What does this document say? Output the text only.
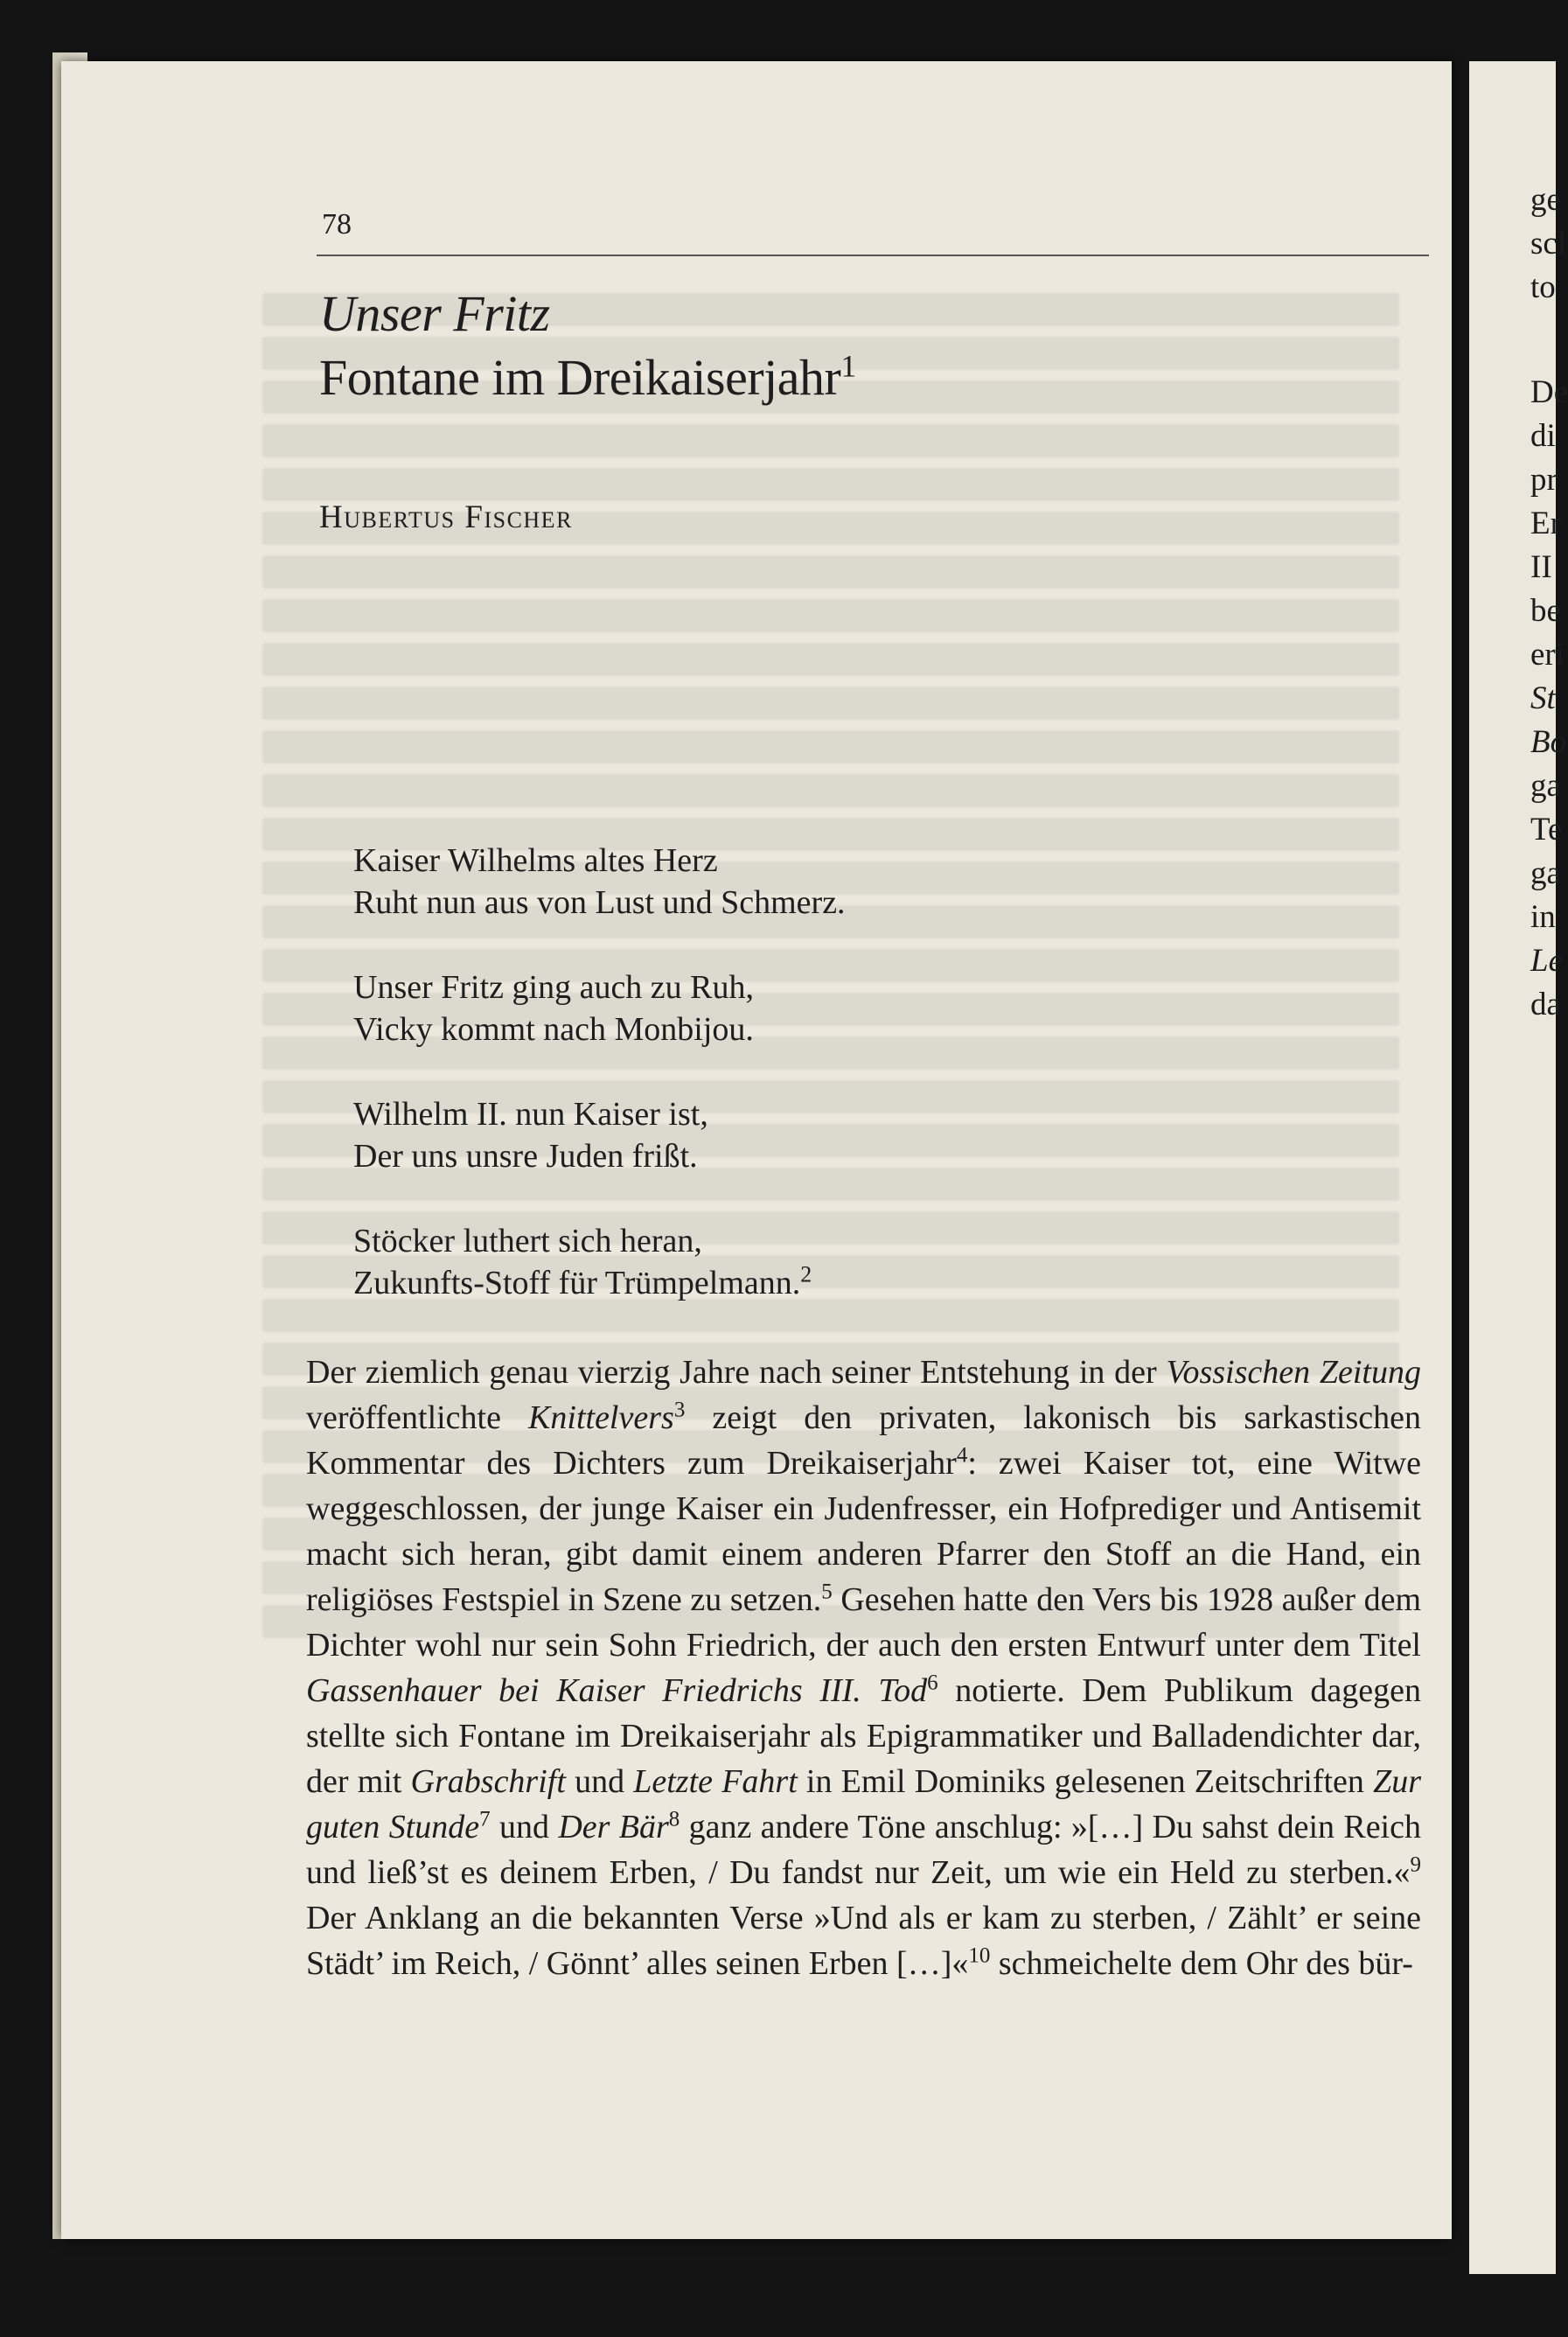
ge
scl
to
De
di
pr
Er
II
be
eri
St
Bo
ga
Te
ga
in
Le
da
78
Unser Fritz
Fontane im Dreikaiserjahr$^1$
Hubertus Fischer
Kaiser Wilhelms altes Herz
Ruht nun aus von Lust und Schmerz.
Unser Fritz ging auch zu Ruh,
Vicky kommt nach Monbijou.
Wilhelm II. nun Kaiser ist,
Der uns unsre Juden frißt.
Stöcker luthert sich heran,
Zukunfts-Stoff für Trümpelmann.$^2$
Der ziemlich genau vierzig Jahre nach seiner Entstehung in der Vossischen Zeitung veröffentlichte Knittelvers$^3$ zeigt den privaten, lakonisch bis sarkastischen Kommentar des Dichters zum Dreikaiserjahr$^4$: zwei Kaiser tot, eine Witwe weggeschlossen, der junge Kaiser ein Judenfresser, ein Hofprediger und Antisemit macht sich heran, gibt damit einem anderen Pfarrer den Stoff an die Hand, ein religiöses Festspiel in Szene zu setzen.$^5$ Gesehen hatte den Vers bis 1928 außer dem Dichter wohl nur sein Sohn Friedrich, der auch den ersten Entwurf unter dem Titel Gassenhauer bei Kaiser Friedrichs III. Tod$^6$ notierte. Dem Publikum dagegen stellte sich Fontane im Dreikaiserjahr als Epigrammatiker und Balladendichter dar, der mit Grabschrift und Letzte Fahrt in Emil Dominiks gelesenen Zeitschriften Zur guten Stunde$^7$ und Der Bär$^8$ ganz andere Töne anschlug: »[…] Du sahst dein Reich und ließ’st es deinem Erben, / Du fandst nur Zeit, um wie ein Held zu sterben.«$^9$ Der Anklang an die bekannten Verse »Und als er kam zu sterben, / Zählt’ er seine Städt’ im Reich, / Gönnt’ alles seinen Erben […]«$^{10}$ schmeichelte dem Ohr des bür-
